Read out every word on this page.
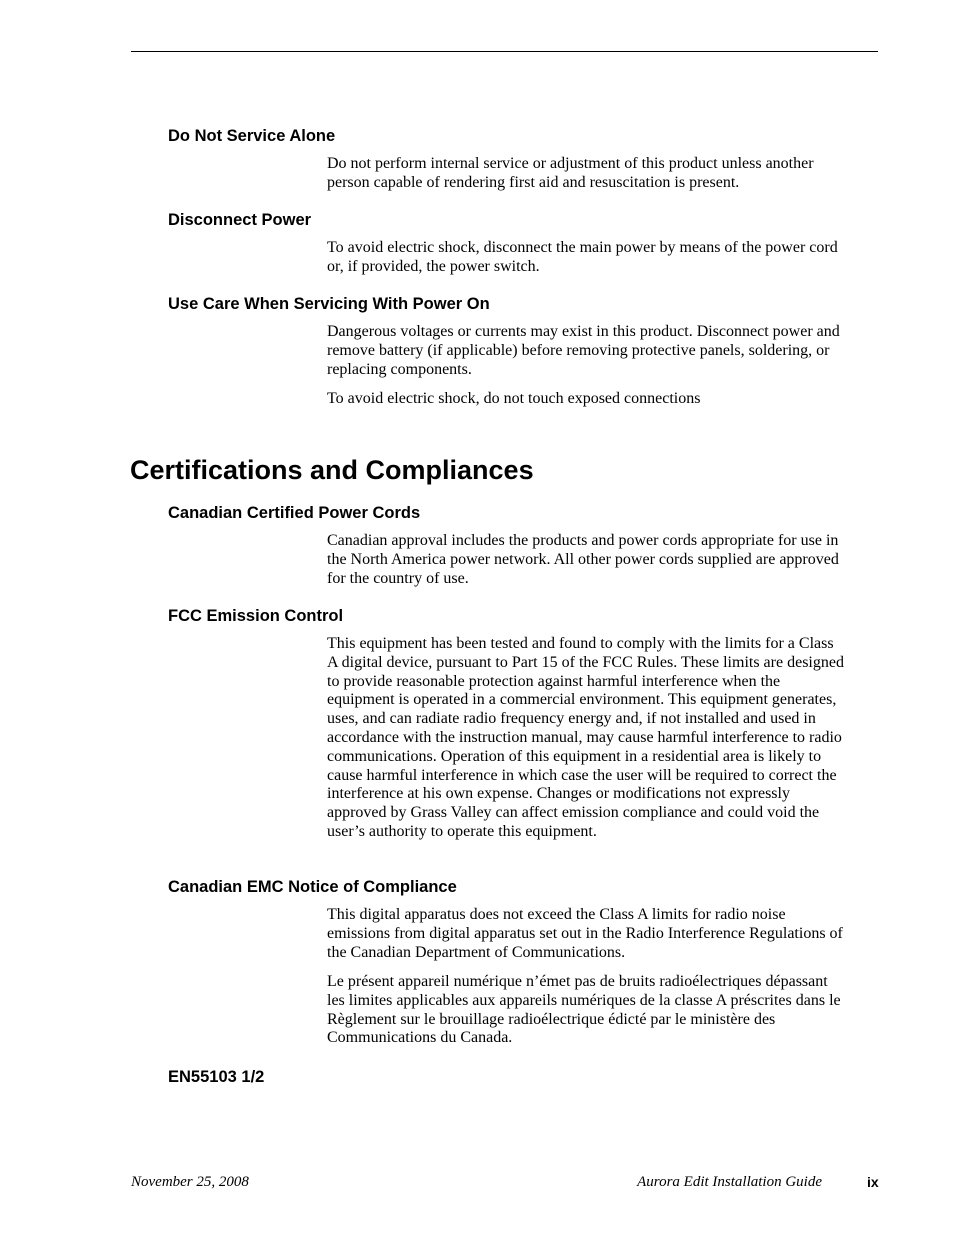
Do Not Service Alone

Do not perform internal service or adjustment of this product unless another person capable of rendering first aid and resuscitation is present.

Disconnect Power

To avoid electric shock, disconnect the main power by means of the power cord or, if provided, the power switch.

Use Care When Servicing With Power On

Dangerous voltages or currents may exist in this product. Disconnect power and remove battery (if applicable) before removing protective panels, soldering, or replacing components.

To avoid electric shock, do not touch exposed connections

Certifications and Compliances
Canadian Certified Power Cords

Canadian approval includes the products and power cords appropriate for use in the North America power network. All other power cords supplied are approved for the country of use.

FCC Emission Control

This equipment has been tested and found to comply with the limits for a Class A digital device, pursuant to Part 15 of the FCC Rules. These limits are designed to provide reasonable protection against harmful interference when the equipment is operated in a commercial environment. This equipment generates, uses, and can radiate radio frequency energy and, if not installed and used in accordance with the instruction manual, may cause harmful interference to radio communications. Operation of this equipment in a residential area is likely to cause harmful interference in which case the user will be required to correct the interference at his own expense. Changes or modifications not expressly approved by Grass Valley can affect emission compliance and could void the user’s authority to operate this equipment.

Canadian EMC Notice of Compliance

This digital apparatus does not exceed the Class A limits for radio noise emissions from digital apparatus set out in the Radio Interference Regulations of the Canadian Department of Communications.

Le présent appareil numérique n’émet pas de bruits radioélectriques dépassant les limites applicables aux appareils numériques de la classe A préscrites dans le Règlement sur le brouillage radioélectrique édicté par le ministère des Communications du Canada.

EN55103 1/2
November 25, 2008	Aurora Edit Installation Guide	ix
